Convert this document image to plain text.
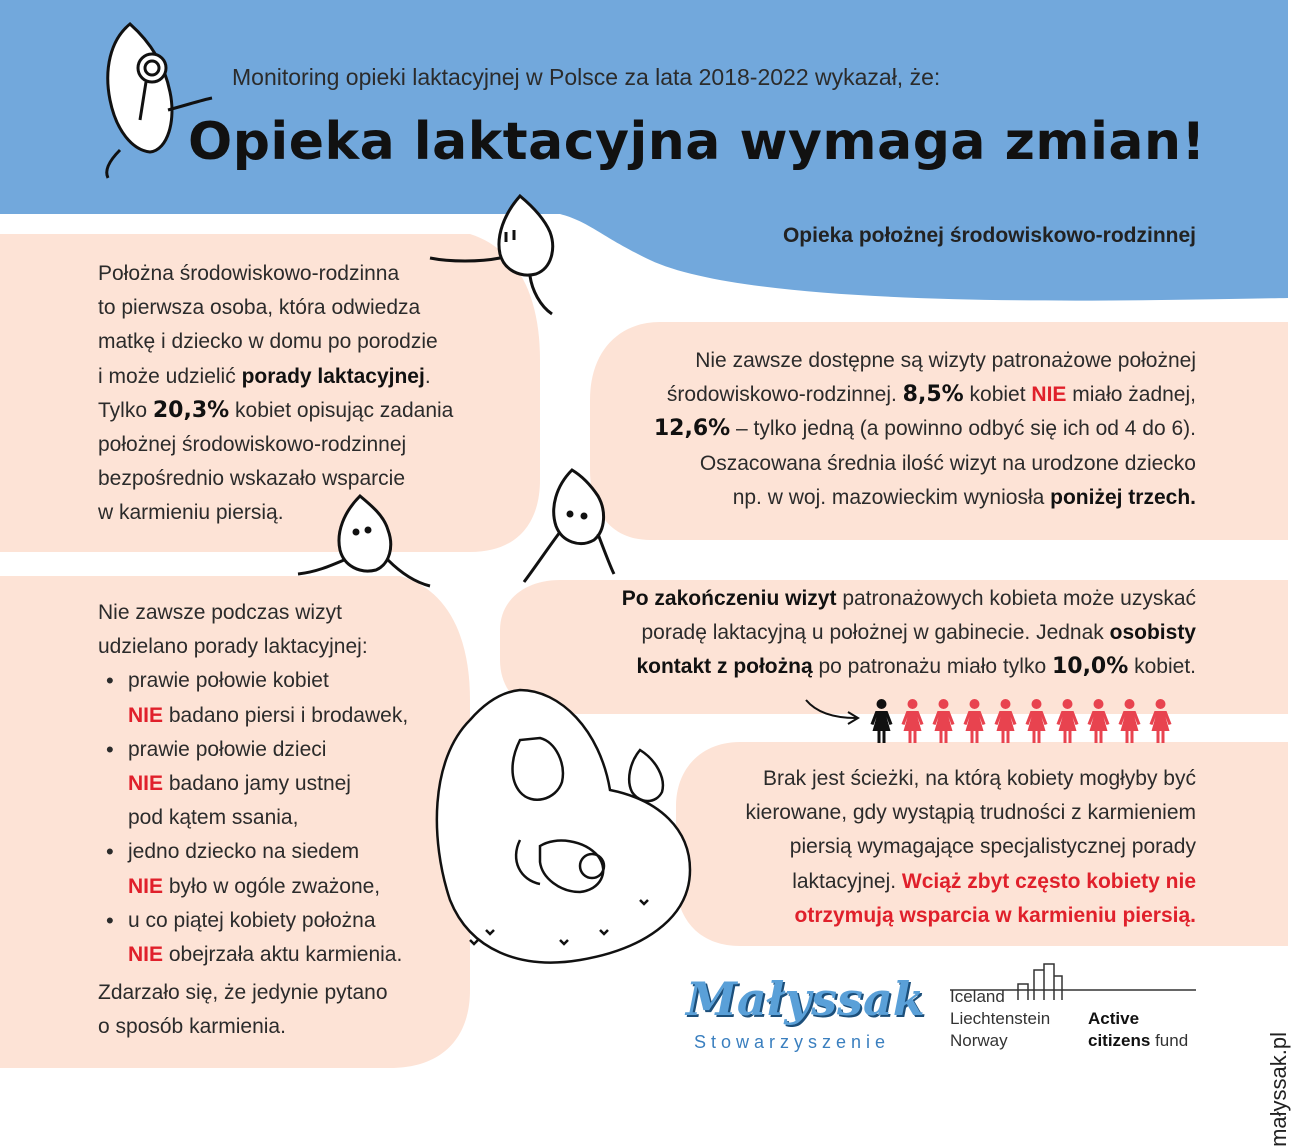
Monitoring opieki laktacyjnej w Polsce za lata 2018-2022 wykazał, że:
Opieka laktacyjna wymaga zmian!
Opieka położnej środowiskowo-rodzinnej
Położna środowiskowo-rodzinna
to pierwsza osoba, która odwiedza
matkę i dziecko w domu po porodzie
i może udzielić porady laktacyjnej.
Tylko 20,3% kobiet opisując zadania
położnej środowiskowo-rodzinnej
bezpośrednio wskazało wsparcie
w karmieniu piersią.
Nie zawsze dostępne są wizyty patronażowe położnej
środowiskowo-rodzinnej. 8,5% kobiet NIE miało żadnej,
12,6% – tylko jedną (a powinno odbyć się ich od 4 do 6).
Oszacowana średnia ilość wizyt na urodzone dziecko
np. w woj. mazowieckim wyniosła poniżej trzech.
Nie zawsze podczas wizyt
udzielano porady laktacyjnej:
• prawie połowie kobiet
NIE badano piersi i brodawek,
• prawie połowie dzieci
NIE badano jamy ustnej
pod kątem ssania,
• jedno dziecko na siedem
NIE było w ogóle zważone,
• u co piątej kobiety położna
NIE obejrzała aktu karmienia.
Zdarzało się, że jedynie pytano
o sposób karmienia.
Po zakończeniu wizyt patronażowych kobieta może uzyskać
poradę laktacyjną u położnej w gabinecie. Jednak osobisty
kontakt z położną po patronażu miało tylko 10,0% kobiet.
Brak jest ścieżki, na którą kobiety mogłyby być
kierowane, gdy wystąpią trudności z karmieniem
piersią wymagające specjalistycznej porady
laktacyjnej. Wciąż zbyt często kobiety nie
otrzymują wsparcia w karmieniu piersią.
Małyssak
Stowarzyszenie
Iceland
Liechtenstein
Norway
Active
citizens fund	małyssak.pl
